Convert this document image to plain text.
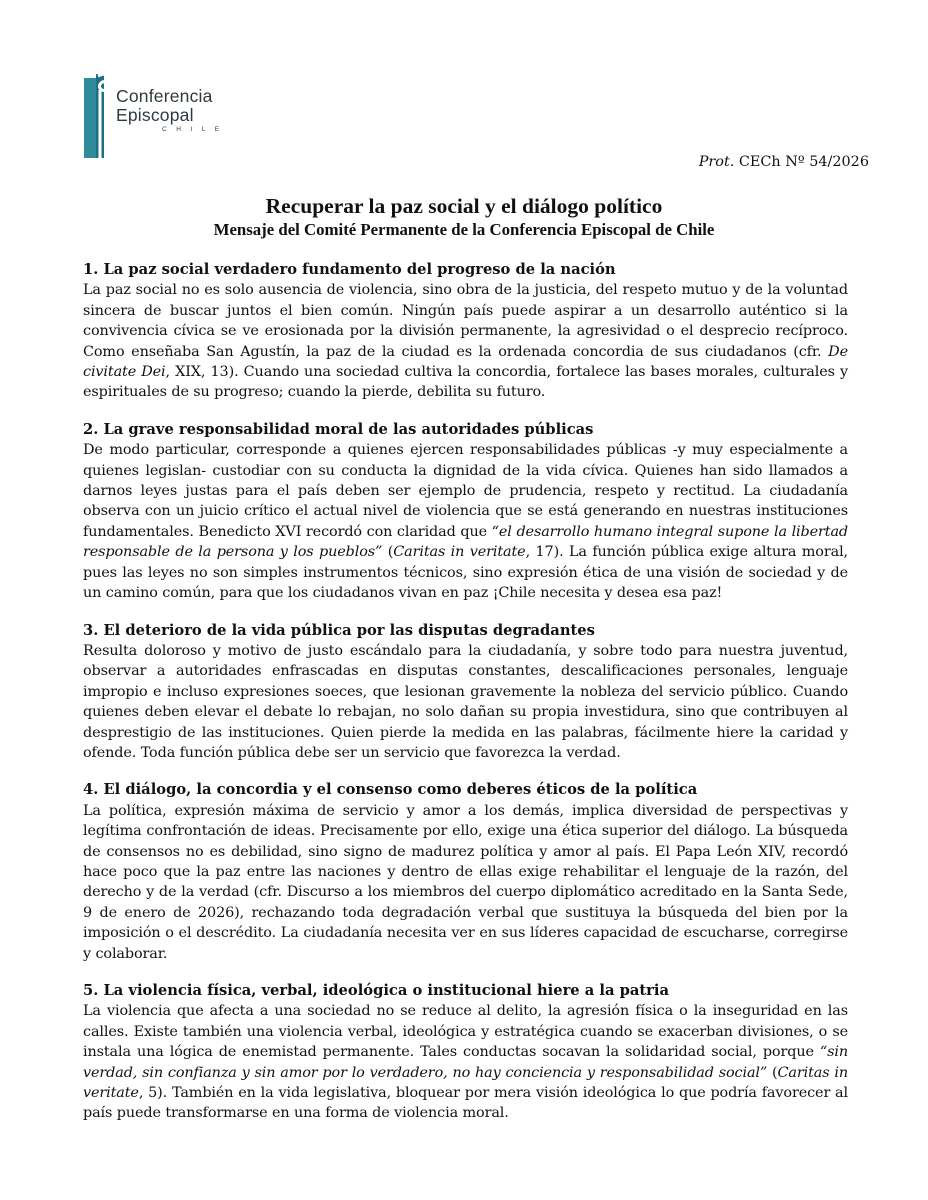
Conferencia
Episcopal
CHILE
Prot. CECh Nº 54/2026
Recuperar la paz social y el diálogo político
Mensaje del Comité Permanente de la Conferencia Episcopal de Chile
1. La paz social verdadero fundamento del progreso de la nación

La paz social no es solo ausencia de violencia, sino obra de la justicia, del respeto mutuo y de la voluntad sincera de buscar juntos el bien común. Ningún país puede aspirar a un desarrollo auténtico si la convivencia cívica se ve erosionada por la división permanente, la agresividad o el desprecio recíproco. Como enseñaba San Agustín, la paz de la ciudad es la ordenada concordia de sus ciudadanos (cfr. De civitate Dei, XIX, 13). Cuando una sociedad cultiva la concordia, fortalece las bases morales, culturales y espirituales de su progreso; cuando la pierde, debilita su futuro.

2. La grave responsabilidad moral de las autoridades públicas

De modo particular, corresponde a quienes ejercen responsabilidades públicas -y muy especialmente a quienes legislan- custodiar con su conducta la dignidad de la vida cívica. Quienes han sido llamados a darnos leyes justas para el país deben ser ejemplo de prudencia, respeto y rectitud. La ciudadanía observa con un juicio crítico el actual nivel de violencia que se está generando en nuestras instituciones fundamentales. Benedicto XVI recordó con claridad que “el desarrollo humano integral supone la libertad responsable de la persona y los pueblos” (Caritas in veritate, 17). La función pública exige altura moral, pues las leyes no son simples instrumentos técnicos, sino expresión ética de una visión de sociedad y de un camino común, para que los ciudadanos vivan en paz ¡Chile necesita y desea esa paz!

3. El deterioro de la vida pública por las disputas degradantes

Resulta doloroso y motivo de justo escándalo para la ciudadanía, y sobre todo para nuestra juventud, observar a autoridades enfrascadas en disputas constantes, descalificaciones personales, lenguaje impropio e incluso expresiones soeces, que lesionan gravemente la nobleza del servicio público. Cuando quienes deben elevar el debate lo rebajan, no solo dañan su propia investidura, sino que contribuyen al desprestigio de las instituciones. Quien pierde la medida en las palabras, fácilmente hiere la caridad y ofende. Toda función pública debe ser un servicio que favorezca la verdad.

4. El diálogo, la concordia y el consenso como deberes éticos de la política

La política, expresión máxima de servicio y amor a los demás, implica diversidad de perspectivas y legítima confrontación de ideas. Precisamente por ello, exige una ética superior del diálogo. La búsqueda de consensos no es debilidad, sino signo de madurez política y amor al país. El Papa León XIV, recordó hace poco que la paz entre las naciones y dentro de ellas exige rehabilitar el lenguaje de la razón, del derecho y de la verdad (cfr. Discurso a los miembros del cuerpo diplomático acreditado en la Santa Sede, 9 de enero de 2026), rechazando toda degradación verbal que sustituya la búsqueda del bien por la imposición o el descrédito. La ciudadanía necesita ver en sus líderes capacidad de escucharse, corregirse y colaborar.

5. La violencia física, verbal, ideológica o institucional hiere a la patria

La violencia que afecta a una sociedad no se reduce al delito, la agresión física o la inseguridad en las calles. Existe también una violencia verbal, ideológica y estratégica cuando se exacerban divisiones, o se instala una lógica de enemistad permanente. Tales conductas socavan la solidaridad social, porque “sin verdad, sin confianza y sin amor por lo verdadero, no hay conciencia y responsabilidad social” (Caritas in veritate, 5). También en la vida legislativa, bloquear por mera visión ideológica lo que podría favorecer al país puede transformarse en una forma de violencia moral.
